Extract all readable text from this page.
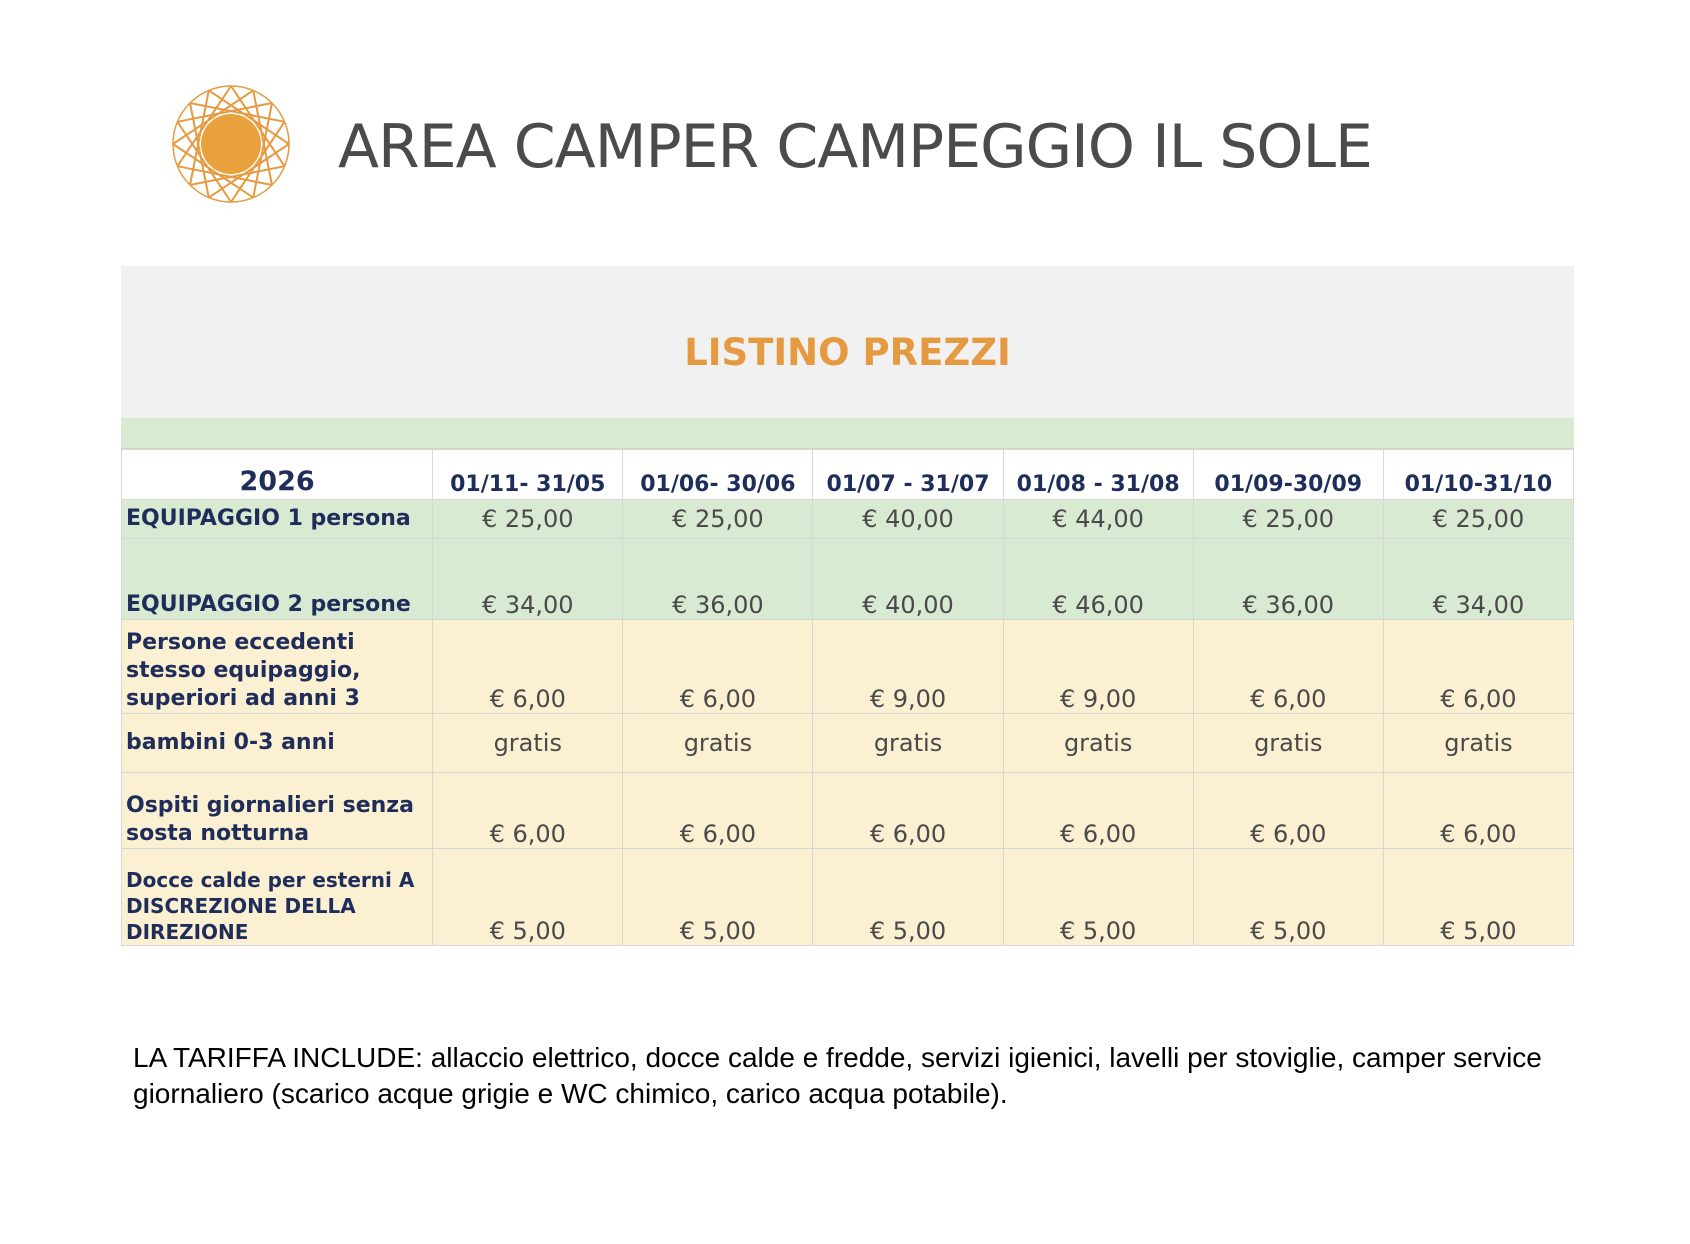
AREA CAMPER CAMPEGGIO IL SOLE
LISTINO PREZZI
2026	01/11- 31/05	01/06- 30/06	01/07 - 31/07	01/08 - 31/08	01/09-30/09	01/10-31/10
EQUIPAGGIO 1 persona	€ 25,00	€ 25,00	€ 40,00	€ 44,00	€ 25,00	€ 25,00
EQUIPAGGIO 2 persone	€ 34,00	€ 36,00	€ 40,00	€ 46,00	€ 36,00	€ 34,00
Persone eccedenti stesso equipaggio, superiori ad anni 3	€ 6,00	€ 6,00	€ 9,00	€ 9,00	€ 6,00	€ 6,00
bambini 0-3 anni	gratis	gratis	gratis	gratis	gratis	gratis
Ospiti giornalieri senza sosta notturna	€ 6,00	€ 6,00	€ 6,00	€ 6,00	€ 6,00	€ 6,00
Docce calde per esterni A DISCREZIONE DELLA DIREZIONE	€ 5,00	€ 5,00	€ 5,00	€ 5,00	€ 5,00	€ 5,00
LA TARIFFA INCLUDE: allaccio elettrico, docce calde e fredde, servizi igienici, lavelli per stoviglie, camper service giornaliero (scarico acque grigie e WC chimico, carico acqua potabile).
